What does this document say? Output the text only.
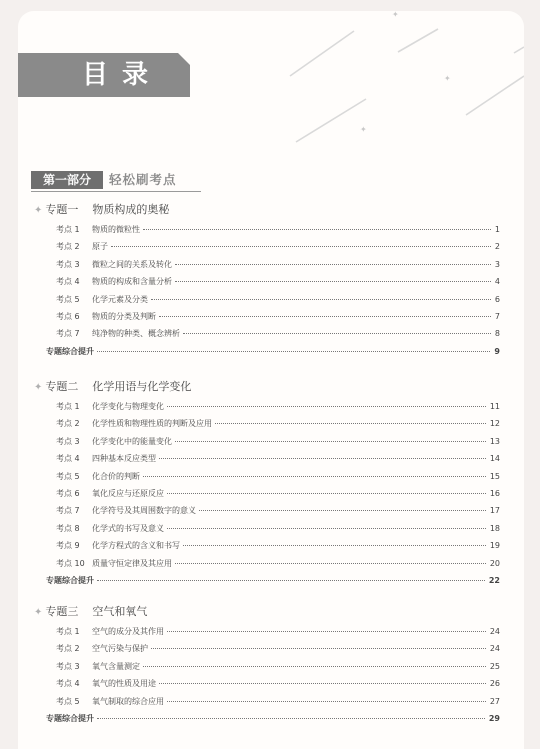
✦
✦
✦
目录
第一部分	轻松刷考点
✦ 专题一 物质构成的奥秘
考点 1 物质的微粒性	1
考点 2 原子	2
考点 3 微粒之间的关系及转化	3
考点 4 物质的构成和含量分析	4
考点 5 化学元素及分类	6
考点 6 物质的分类及判断	7
考点 7 纯净物的种类、概念辨析	8
专题综合提升	9
✦ 专题二 化学用语与化学变化
考点 1 化学变化与物理变化	11
考点 2 化学性质和物理性质的判断及应用	12
考点 3 化学变化中的能量变化	13
考点 4 四种基本反应类型	14
考点 5 化合价的判断	15
考点 6 氧化反应与还原反应	16
考点 7 化学符号及其周围数字的意义	17
考点 8 化学式的书写及意义	18
考点 9 化学方程式的含义和书写	19
考点 10 质量守恒定律及其应用	20
专题综合提升	22
✦ 专题三 空气和氧气
考点 1 空气的成分及其作用	24
考点 2 空气污染与保护	24
考点 3 氧气含量测定	25
考点 4 氧气的性质及用途	26
考点 5 氧气制取的综合应用	27
专题综合提升	29
